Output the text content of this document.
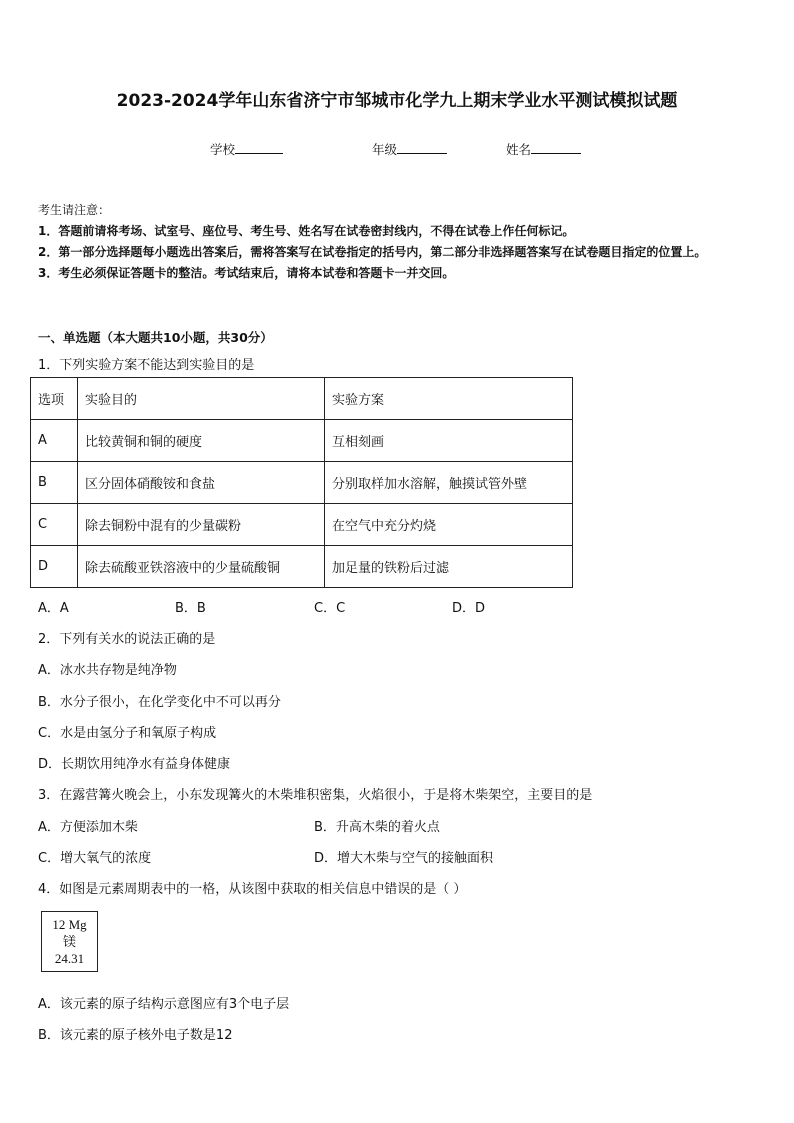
2023-2024学年山东省济宁市邹城市化学九上期末学业水平测试模拟试题
学校	年级	姓名
考生请注意：
1．答题前请将考场、试室号、座位号、考生号、姓名写在试卷密封线内，不得在试卷上作任何标记。
2．第一部分选择题每小题选出答案后，需将答案写在试卷指定的括号内，第二部分非选择题答案写在试卷题目指定的位置上。
3．考生必须保证答题卡的整洁。考试结束后，请将本试卷和答题卡一并交回。
一、单选题（本大题共10小题，共30分）
1．下列实验方案不能达到实验目的是
选项	实验目的	实验方案
A	比较黄铜和铜的硬度	互相刻画
B	区分固体硝酸铵和食盐	分别取样加水溶解，触摸试管外壁
C	除去铜粉中混有的少量碳粉	在空气中充分灼烧
D	除去硫酸亚铁溶液中的少量硫酸铜	加足量的铁粉后过滤
A．A	B．B	C．C	D．D
2．下列有关水的说法正确的是
A．冰水共存物是纯净物
B．水分子很小，在化学变化中不可以再分
C．水是由氢分子和氧原子构成
D．长期饮用纯净水有益身体健康
3．在露营篝火晚会上，小东发现篝火的木柴堆积密集，火焰很小，于是将木柴架空，主要目的是
A．方便添加木柴	B．升高木柴的着火点
C．增大氧气的浓度	D．增大木柴与空气的接触面积
4．如图是元素周期表中的一格，从该图中获取的相关信息中错误的是（ ）
12 Mg
镁
24.31
A．该元素的原子结构示意图应有3个电子层
B．该元素的原子核外电子数是12
